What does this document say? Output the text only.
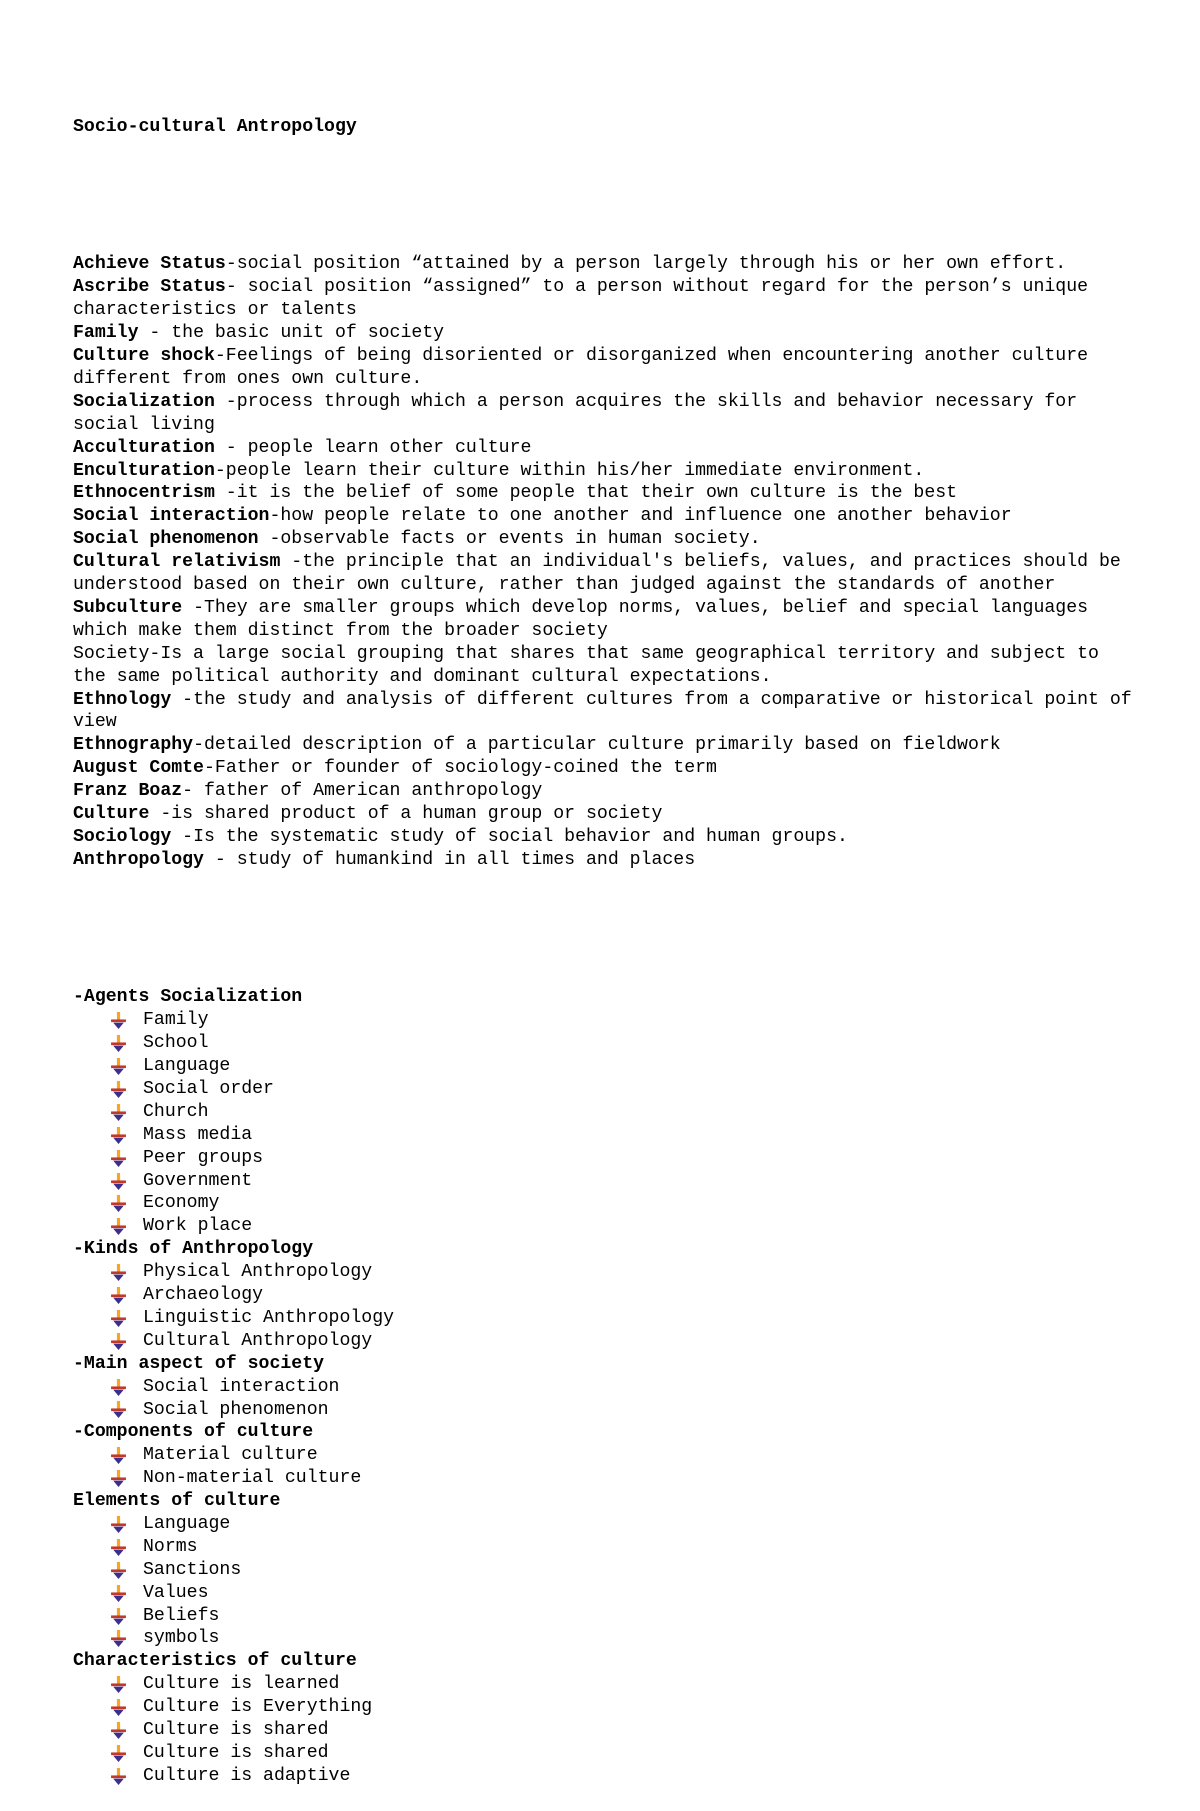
Socio-cultural Antropology

Achieve Status-social position “attained by a person largely through his or her own effort.
Ascribe Status- social position “assigned” to a person without regard for the person’s unique characteristics or talents
Family - the basic unit of society
Culture shock-Feelings of being disoriented or disorganized when encountering another culture different from ones own culture.
Socialization -process through which a person acquires the skills and behavior necessary for social living
Acculturation - people learn other culture
Enculturation-people learn their culture within his/her immediate environment.
Ethnocentrism -it is the belief of some people that their own culture is the best
Social interaction-how people relate to one another and influence one another behavior
Social phenomenon -observable facts or events in human society.
Cultural relativism -the principle that an individual's beliefs, values, and practices should be understood based on their own culture, rather than judged against the standards of another
Subculture -They are smaller groups which develop norms, values, belief and special languages which make them distinct from the broader society
Society-Is a large social grouping that shares that same geographical territory and subject to the same political authority and dominant cultural expectations.
Ethnology -the study and analysis of different cultures from a comparative or historical point of view
Ethnography-detailed description of a particular culture primarily based on fieldwork
August Comte-Father or founder of sociology-coined the term
Franz Boaz- father of American anthropology
Culture -is shared product of a human group or society
Sociology -Is the systematic study of social behavior and human groups.
Anthropology - study of humankind in all times and places

-Agents Socialization
Family
School
Language
Social order
Church
Mass media
Peer groups
Government
Economy
Work place
-Kinds of Anthropology
Physical Anthropology
Archaeology
Linguistic Anthropology
Cultural Anthropology
-Main aspect of society
Social interaction
Social phenomenon
-Components of culture
Material culture
Non-material culture
Elements of culture
Language
Norms
Sanctions
Values
Beliefs
symbols
Characteristics of culture
Culture is learned
Culture is Everything
Culture is shared
Culture is shared
Culture is adaptive
